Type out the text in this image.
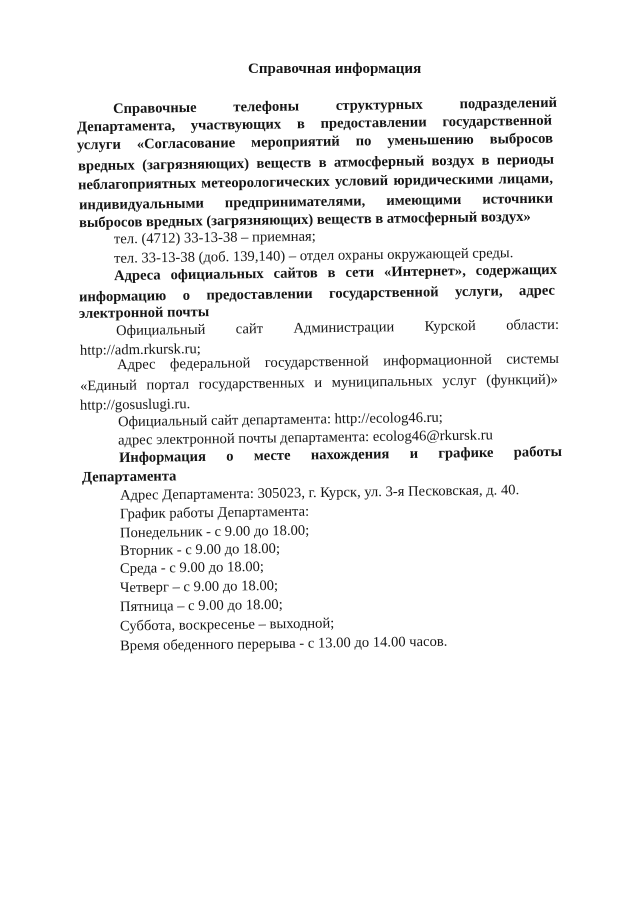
Справочная информация
Справочные	телефоны	структурных	подразделений
Департамента, участвующих в предоставлении государственной
услуги «Согласование мероприятий по уменьшению выбросов
вредных (загрязняющих) веществ в атмосферный воздух в периоды
неблагоприятных метеорологических условий юридическими лицами,
индивидуальными предпринимателями, имеющими источники
выбросов вредных (загрязняющих) веществ в атмосферный воздух»
тел. (4712) 33-13-38 – приемная;
тел. 33-13-38 (доб. 139,140) – отдел охраны окружающей среды.
Адреса официальных сайтов в сети «Интернет», содержащих
информацию о предоставлении государственной услуги, адрес
электронной почты
Официальный сайт Администрации Курской области:
http://adm.rkursk.ru;
Адрес федеральной государственной информационной системы
«Единый портал государственных и муниципальных услуг (функций)»
http://gosuslugi.ru.
Официальный сайт департамента: http://ecolog46.ru;
адрес электронной почты департамента: ecolog46@rkursk.ru
Информация о месте нахождения и графике работы
Департамента
Адрес Департамента: 305023, г. Курск, ул. 3-я Песковская, д. 40.
График работы Департамента:
Понедельник - с 9.00 до 18.00;
Вторник - с 9.00 до 18.00;
Среда - с 9.00 до 18.00;
Четверг – с 9.00 до 18.00;
Пятница – с 9.00 до 18.00;
Суббота, воскресенье – выходной;
Время обеденного перерыва - с 13.00 до 14.00 часов.
